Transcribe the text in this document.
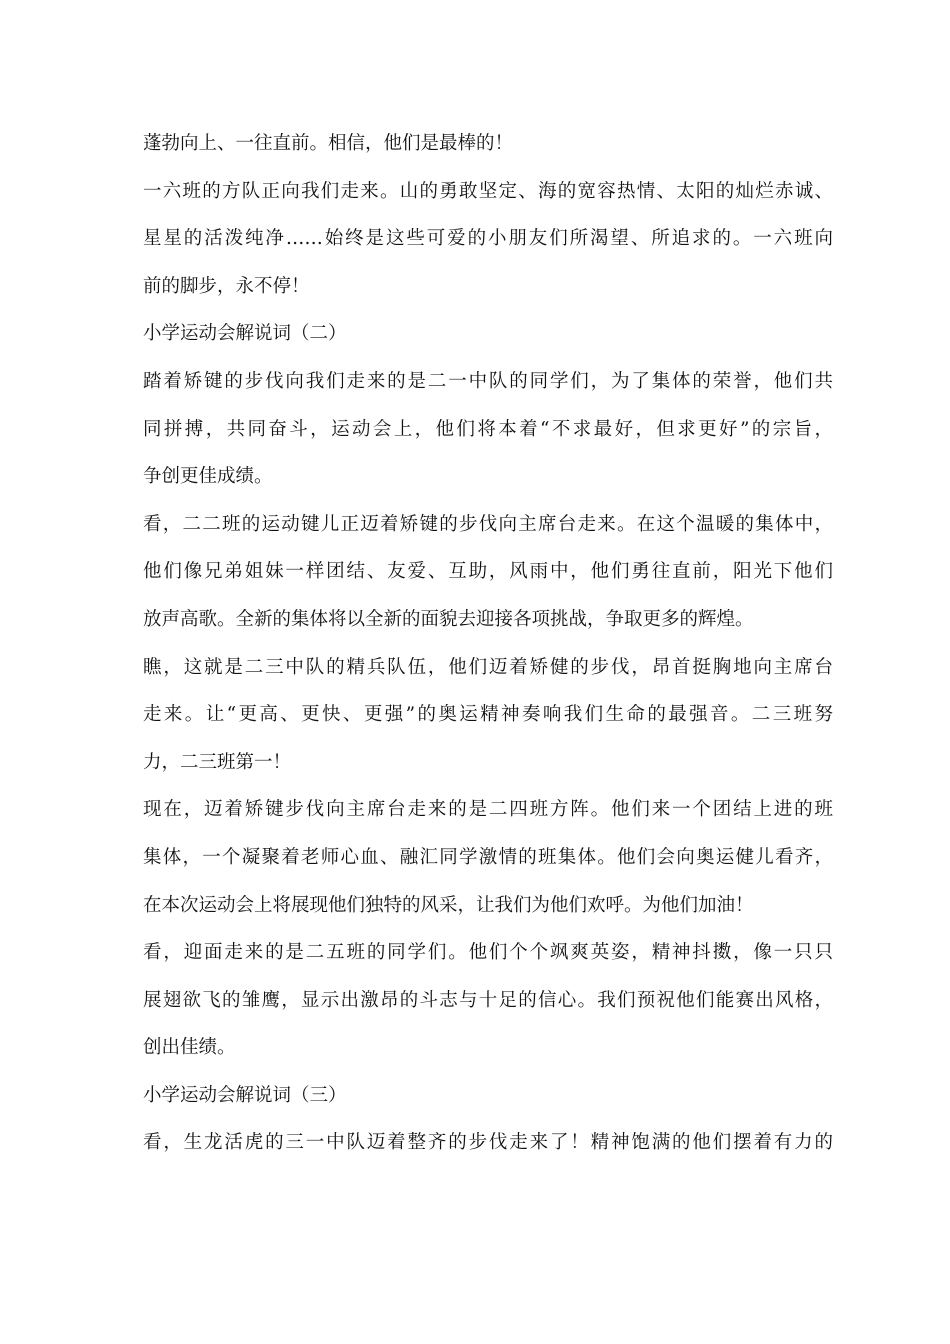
蓬勃向上、一往直前。相信，他们是最棒的！
一六班的方队正向我们走来。山的勇敢坚定、海的宽容热情、太阳的灿烂赤诚、
星星的活泼纯净……始终是这些可爱的小朋友们所渴望、所追求的。一六班向
前的脚步，永不停！
小学运动会解说词（二）
踏着矫键的步伐向我们走来的是二一中队的同学们，为了集体的荣誉，他们共
同拼搏，共同奋斗，运动会上，他们将本着“不求最好，但求更好”的宗旨，
争创更佳成绩。
看，二二班的运动键儿正迈着矫键的步伐向主席台走来。在这个温暖的集体中，
他们像兄弟姐妹一样团结、友爱、互助，风雨中，他们勇往直前，阳光下他们
放声高歌。全新的集体将以全新的面貌去迎接各项挑战，争取更多的辉煌。
瞧，这就是二三中队的精兵队伍，他们迈着矫健的步伐，昂首挺胸地向主席台
走来。让“更高、更快、更强”的奥运精神奏响我们生命的最强音。二三班努
力，二三班第一！
现在，迈着矫键步伐向主席台走来的是二四班方阵。他们来一个团结上进的班
集体，一个凝聚着老师心血、融汇同学激情的班集体。他们会向奥运健儿看齐，
在本次运动会上将展现他们独特的风采，让我们为他们欢呼。为他们加油！
看，迎面走来的是二五班的同学们。他们个个飒爽英姿，精神抖擞，像一只只
展翅欲飞的雏鹰，显示出激昂的斗志与十足的信心。我们预祝他们能赛出风格，
创出佳绩。
小学运动会解说词（三）
看，生龙活虎的三一中队迈着整齐的步伐走来了！精神饱满的他们摆着有力的
